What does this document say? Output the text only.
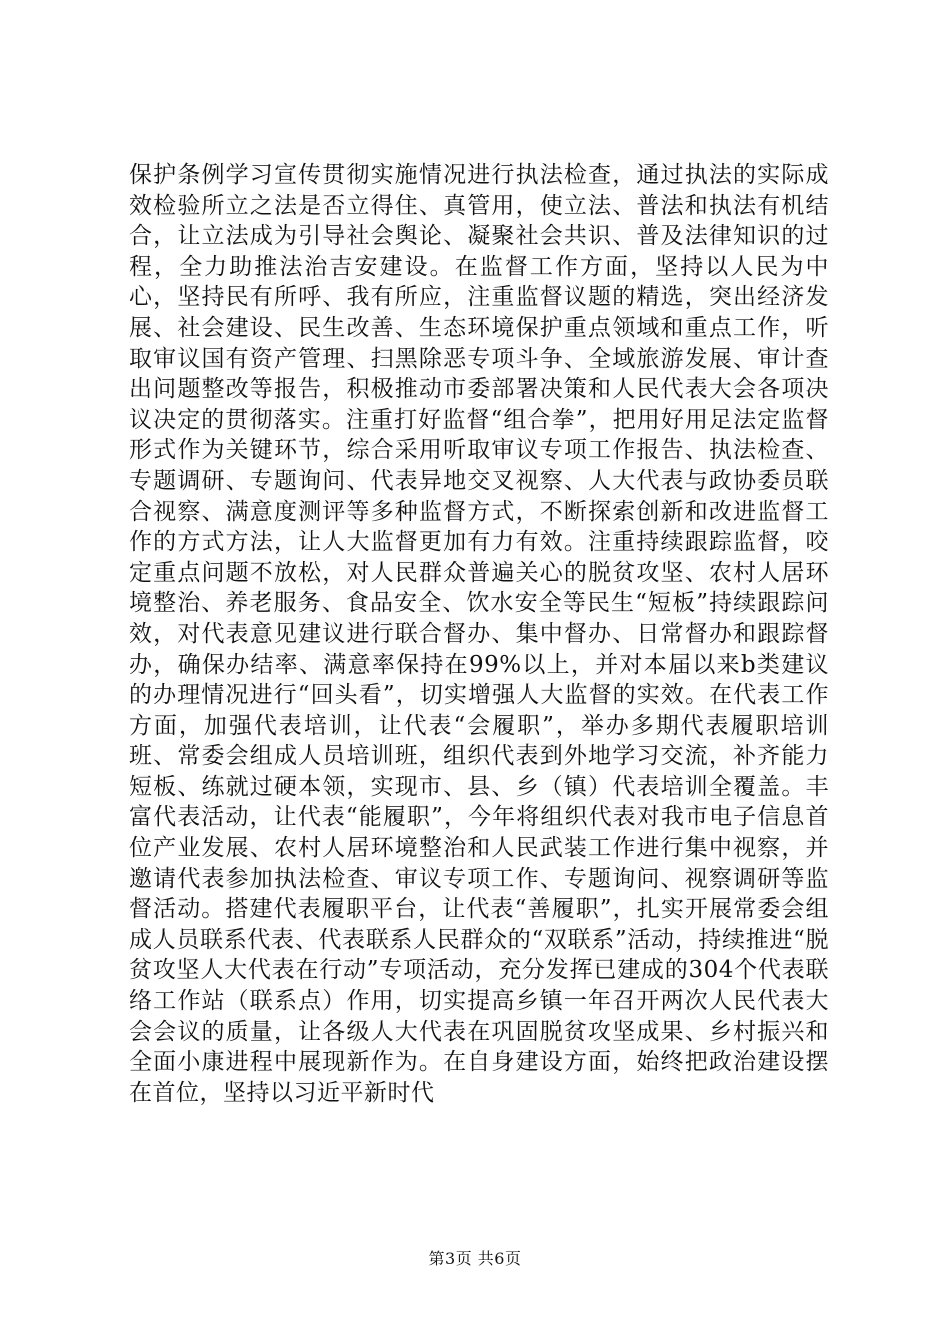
保护条例学习宣传贯彻实施情况进行执法检查，通过执法的实际成效检验所立之法是否立得住、真管用，使立法、普法和执法有机结合，让立法成为引导社会舆论、凝聚社会共识、普及法律知识的过程，全力助推法治吉安建设。在监督工作方面，坚持以人民为中心，坚持民有所呼、我有所应，注重监督议题的精选，突出经济发展、社会建设、民生改善、生态环境保护重点领域和重点工作，听取审议国有资产管理、扫黑除恶专项斗争、全域旅游发展、审计查出问题整改等报告，积极推动市委部署决策和人民代表大会各项决议决定的贯彻落实。注重打好监督“组合拳”，把用好用足法定监督形式作为关键环节，综合采用听取审议专项工作报告、执法检查、专题调研、专题询问、代表异地交叉视察、人大代表与政协委员联合视察、满意度测评等多种监督方式，不断探索创新和改进监督工作的方式方法，让人大监督更加有力有效。注重持续跟踪监督，咬定重点问题不放松，对人民群众普遍关心的脱贫攻坚、农村人居环境整治、养老服务、食品安全、饮水安全等民生“短板”持续跟踪问效，对代表意见建议进行联合督办、集中督办、日常督办和跟踪督办，确保办结率、满意率保持在99%以上，并对本届以来b类建议的办理情况进行“回头看”，切实增强人大监督的实效。在代表工作方面，加强代表培训，让代表“会履职”，举办多期代表履职培训班、常委会组成人员培训班，组织代表到外地学习交流，补齐能力短板、练就过硬本领，实现市、县、乡（镇）代表培训全覆盖。丰富代表活动，让代表“能履职”，今年将组织代表对我市电子信息首位产业发展、农村人居环境整治和人民武装工作进行集中视察，并邀请代表参加执法检查、审议专项工作、专题询问、视察调研等监督活动。搭建代表履职平台，让代表“善履职”，扎实开展常委会组成人员联系代表、代表联系人民群众的“双联系”活动，持续推进“脱贫攻坚人大代表在行动”专项活动，充分发挥已建成的304个代表联络工作站（联系点）作用，切实提高乡镇一年召开两次人民代表大会会议的质量，让各级人大代表在巩固脱贫攻坚成果、乡村振兴和全面小康进程中展现新作为。在自身建设方面，始终把政治建设摆在首位，坚持以习近平新时代

第3页 共6页
